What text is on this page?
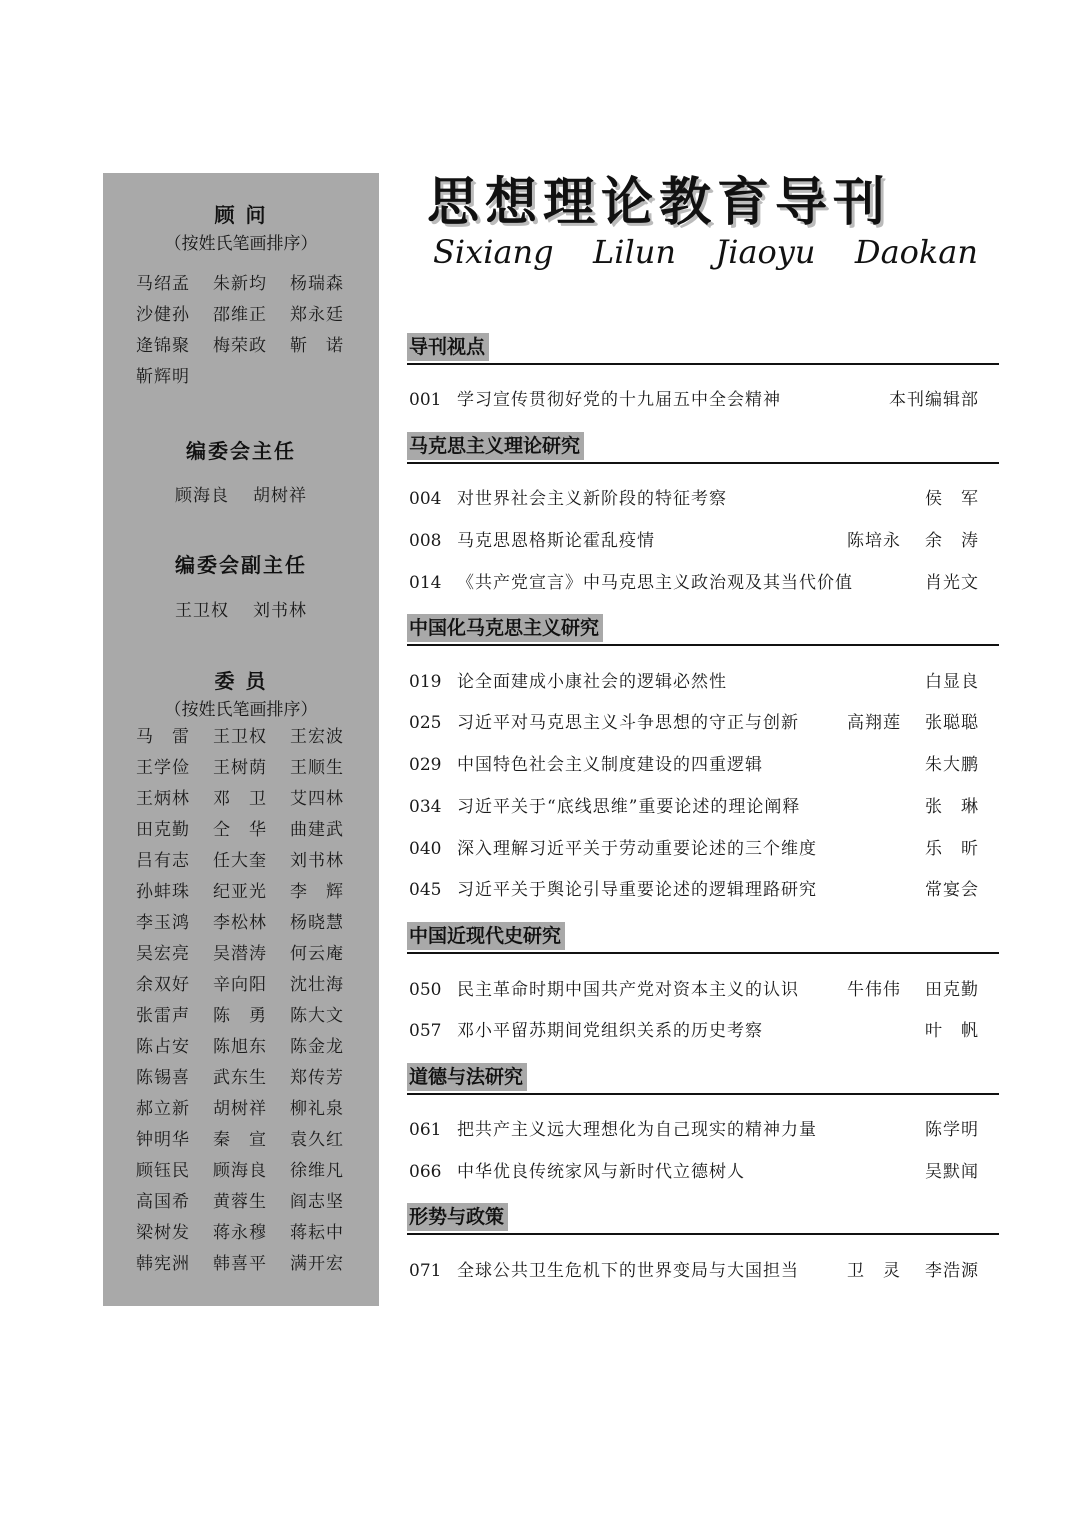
顾 问
（按姓氏笔画排序）
马绍孟	朱新均	杨瑞森
沙健孙	邵维正	郑永廷
逄锦聚	梅荣政	靳　诺
靳辉明
编委会主任
顾海良 胡树祥
编委会副主任
王卫权 刘书林
委 员
（按姓氏笔画排序）
马　雷	王卫权	王宏波
王学俭	王树荫	王顺生
王炳林	邓　卫	艾四林
田克勤	仝　华	曲建武
吕有志	任大奎	刘书林
孙蚌珠	纪亚光	李　辉
李玉鸿	李松林	杨晓慧
吴宏亮	吴潜涛	何云庵
余双好	辛向阳	沈壮海
张雷声	陈　勇	陈大文
陈占安	陈旭东	陈金龙
陈锡喜	武东生	郑传芳
郝立新	胡树祥	柳礼泉
钟明华	秦　宣	袁久红
顾钰民	顾海良	徐维凡
高国希	黄蓉生	阎志坚
梁树发	蒋永穆	蒋耘中
韩宪洲	韩喜平	满开宏
思想理论教育导刊
Sixiang Lilun Jiaoyu Daokan
导刊视点
001 学习宣传贯彻好党的十九届五中全会精神	本刊编辑部
马克思主义理论研究
004 对世界社会主义新阶段的特征考察	侯　军
008 马克思恩格斯论霍乱疫情	陈培永 余　涛
014 《共产党宣言》中马克思主义政治观及其当代价值	肖光文
中国化马克思主义研究
019 论全面建成小康社会的逻辑必然性	白显良
025 习近平对马克思主义斗争思想的守正与创新	高翔莲 张聪聪
029 中国特色社会主义制度建设的四重逻辑	朱大鹏
034 习近平关于“底线思维”重要论述的理论阐释	张　琳
040 深入理解习近平关于劳动重要论述的三个维度	乐　昕
045 习近平关于舆论引导重要论述的逻辑理路研究	常宴会
中国近现代史研究
050 民主革命时期中国共产党对资本主义的认识	牛伟伟 田克勤
057 邓小平留苏期间党组织关系的历史考察	叶　帆
道德与法研究
061 把共产主义远大理想化为自己现实的精神力量	陈学明
066 中华优良传统家风与新时代立德树人	吴默闻
形势与政策
071 全球公共卫生危机下的世界变局与大国担当	卫　灵 李浩源
